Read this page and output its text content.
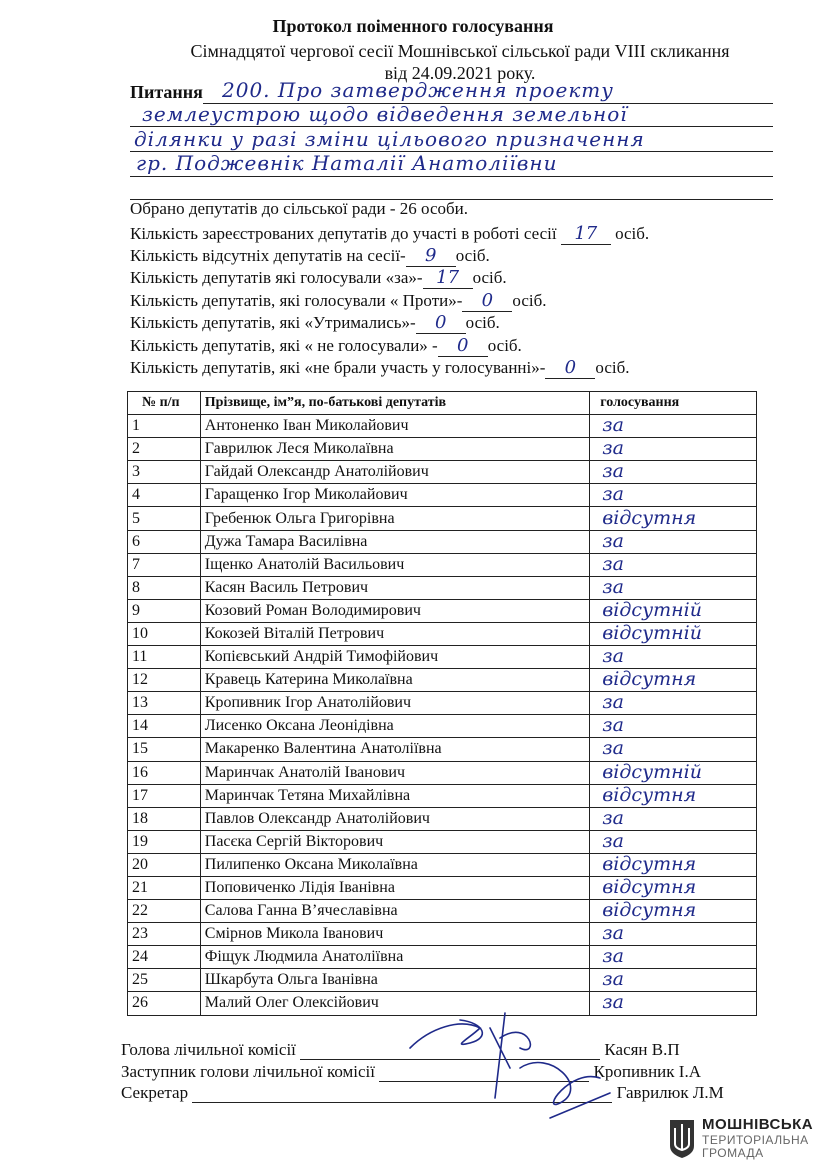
Протокол поіменного голосування
Сімнадцятої чергової сесії Мошнівської сільської ради VIII скликання
від 24.09.2021 року.
Питання 200. Про затвердження проекту
землеустрою щодо відведення земельної
ділянки у разі зміни цільового призначення
гр. Поджевнік Наталії Анатоліївни
Обрано депутатів до сільської ради - 26 особи.
Кількість зареєстрованих депутатів до участі в роботі сесії 17 осіб.
Кількість відсутніх депутатів на сесії- 9 осіб.
Кількість депутатів які голосували «за»- 17 осіб.
Кількість депутатів, які голосували « Проти»- 0 осіб.
Кількість депутатів, які «Утримались»- 0 осіб.
Кількість депутатів, які « не голосували» - 0 осіб.
Кількість депутатів, які «не брали участь у голосуванні»- 0 осіб.
№ п/п	Прізвище, ім”я, по-батькові депутатів	голосування
1	Антоненко Іван Миколайович	за
2	Гаврилюк Леся Миколаївна	за
3	Гайдай Олександр Анатолійович	за
4	Гаращенко Ігор Миколайович	за
5	Гребенюк Ольга Григорівна	відсутня
6	Дужа Тамара Василівна	за
7	Іщенко Анатолій Васильович	за
8	Касян Василь Петрович	за
9	Козовий Роман Володимирович	відсутній
10	Кокозей Віталій Петрович	відсутній
11	Копієвський Андрій Тимофійович	за
12	Кравець Катерина Миколаївна	відсутня
13	Кропивник Ігор Анатолійович	за
14	Лисенко Оксана Леонідівна	за
15	Макаренко Валентина Анатоліївна	за
16	Маринчак Анатолій Іванович	відсутній
17	Маринчак Тетяна Михайлівна	відсутня
18	Павлов Олександр Анатолійович	за
19	Пасєка Сергій Вікторович	за
20	Пилипенко Оксана Миколаївна	відсутня
21	Поповиченко Лідія Іванівна	відсутня
22	Салова Ганна В’ячеславівна	відсутня
23	Смірнов Микола Іванович	за
24	Фіщук Людмила Анатоліївна	за
25	Шкарбута Ольга Іванівна	за
26	Малий Олег Олексійович	за
Голова лічильної комісії	Касян В.П
Заступник голови лічильної комісії	Кропивник І.А
Секретар	Гаврилюк Л.М
МОШНІВСЬКА
ТЕРИТОРІАЛЬНА
ГРОМАДА
